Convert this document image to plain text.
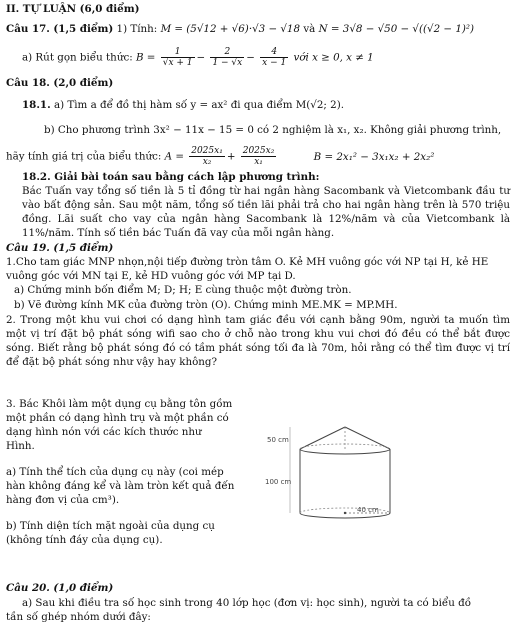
II. TỰ LUẬN (6,0 điểm)
Câu 17. (1,5 điểm) 1) Tính: M = (5√12 + √6)·√3 − √18 và N = 3√8 − √50 − √((√2 − 1)²)
a) Rút gọn biểu thức: $B = \frac{1}{√x + 1} - \frac{2}{1 - √x} - \frac{4}{x - 1}$ với x ≥ 0, x ≠ 1
Câu 18. (2,0 điểm)
18.1. a) Tìm a để đồ thị hàm số y = ax² đi qua điểm M(√2; 2).
b) Cho phương trình 3x² − 11x − 15 = 0 có 2 nghiệm là x₁, x₂. Không giải phương trình,
hãy tính giá trị của biểu thức: $A = \frac{\text{2025x₁}}{\text{x₂}} + \frac{\text{2025x₂}}{\text{x₁}}$	B = 2x₁² − 3x₁x₂ + 2x₂²
18.2. Giải bài toán sau bằng cách lập phương trình:
Bác Tuấn vay tổng số tiền là 5 tỉ đồng từ hai ngân hàng Sacombank và Vietcombank đầu tư vào bất động sản. Sau một năm, tổng số tiền lãi phải trả cho hai ngân hàng trên là 570 triệu đồng. Lãi suất cho vay của ngân hàng Sacombank là 12%/năm và của Vietcombank là 11%/năm. Tính số tiền bác Tuấn đã vay của mỗi ngân hàng.
Câu 19. (1,5 điểm)
1.Cho tam giác MNP nhọn,nội tiếp đường tròn tâm O. Kẻ MH vuông góc với NP tại H, kẻ HE
vuông góc với MN tại E, kẻ HD vuông góc với MP tại D.
a) Chứng minh bốn điểm M; D; H; E cùng thuộc một đường tròn.
b) Vẽ đường kính MK của đường tròn (O). Chứng minh ME.MK = MP.MH.
2. Trong một khu vui chơi có dạng hình tam giác đều với cạnh bằng 90m, người ta muốn tìm một vị trí đặt bộ phát sóng wifi sao cho ở chỗ nào trong khu vui chơi đó đều có thể bắt được sóng. Biết rằng bộ phát sóng đó có tầm phát sóng tối đa là 70m, hỏi rằng có thể tìm được vị trí để đặt bộ phát sóng như vậy hay không?
3. Bác Khôi làm một dụng cụ bằng tôn gồm
một phần có dạng hình trụ và một phần có
dạng hình nón với các kích thước như
Hình.
a) Tính thể tích của dụng cụ này (coi mép
hàn không đáng kể và làm tròn kết quả đến
hàng đơn vị của cm³).
b) Tính diện tích mặt ngoài của dụng cụ
(không tính đáy của dụng cụ).
50 cm
100 cm
40 cm
Câu 20. (1,0 điểm)
a) Sau khi điều tra số học sinh trong 40 lớp học (đơn vị: học sinh), người ta có biểu đồ
tần số ghép nhóm dưới đây:
